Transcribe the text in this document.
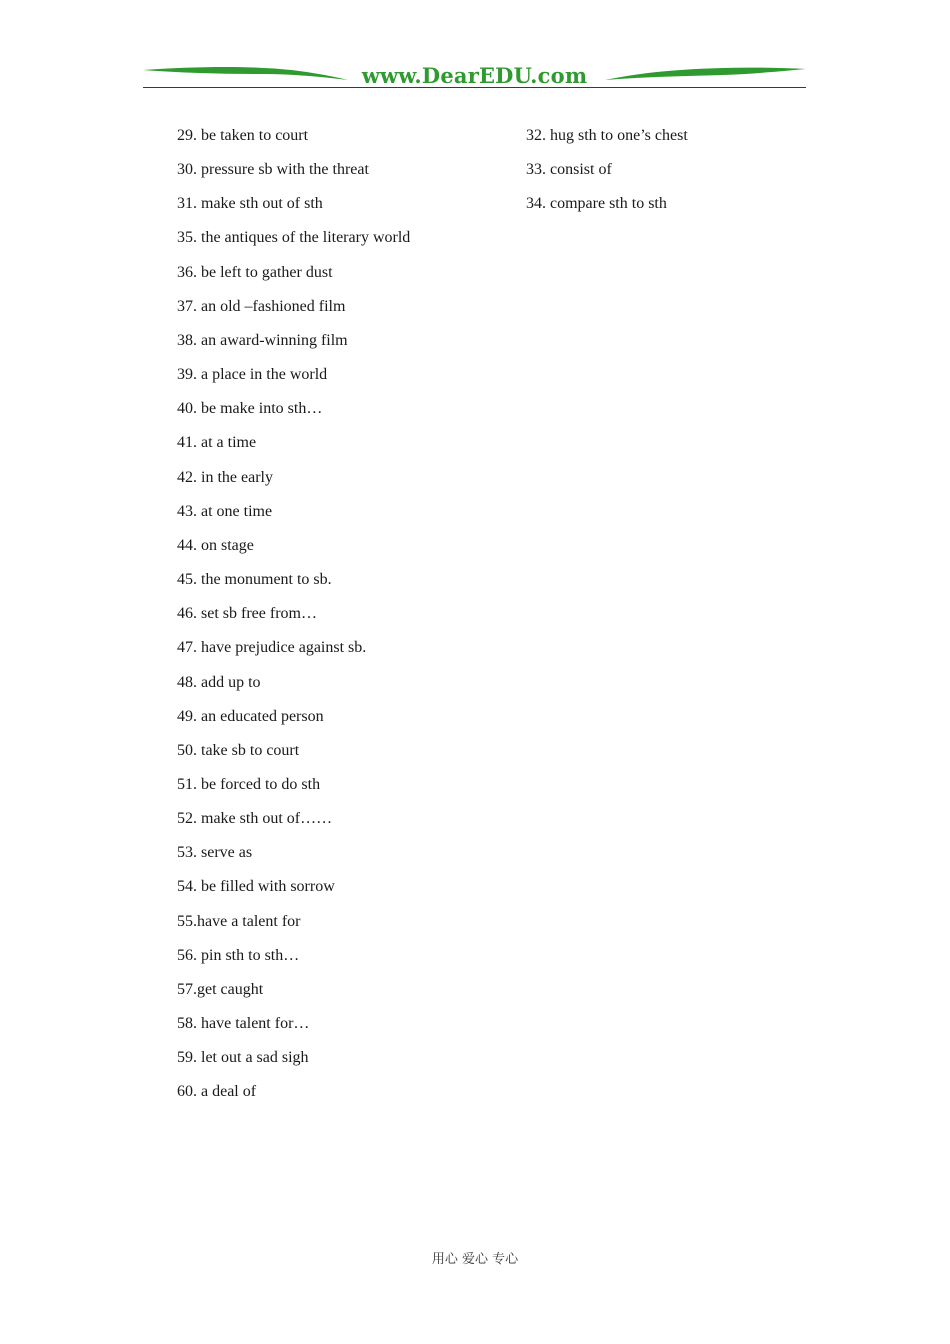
www.DearEDU.com
29. be taken to court
30. pressure sb with the threat
31. make sth out of sth
35. the antiques of the literary world
36. be left to gather dust
37. an old –fashioned film
38. an award-winning film
39. a place in the world
40. be make into sth…
41. at a time
42. in the early
43. at one time
44. on stage
45. the monument to sb.
46. set sb free from…
47. have prejudice against sb.
48. add up to
49. an educated person
50. take sb to court
51. be forced to do sth
52. make sth out of……
53. serve as
54. be filled with sorrow
55.have a talent for
56. pin sth to sth…
57.get caught
58. have talent for…
59. let out a sad sigh
60. a deal of
32. hug sth to one’s chest
33. consist of
34. compare sth to sth
用心 爱心 专心
